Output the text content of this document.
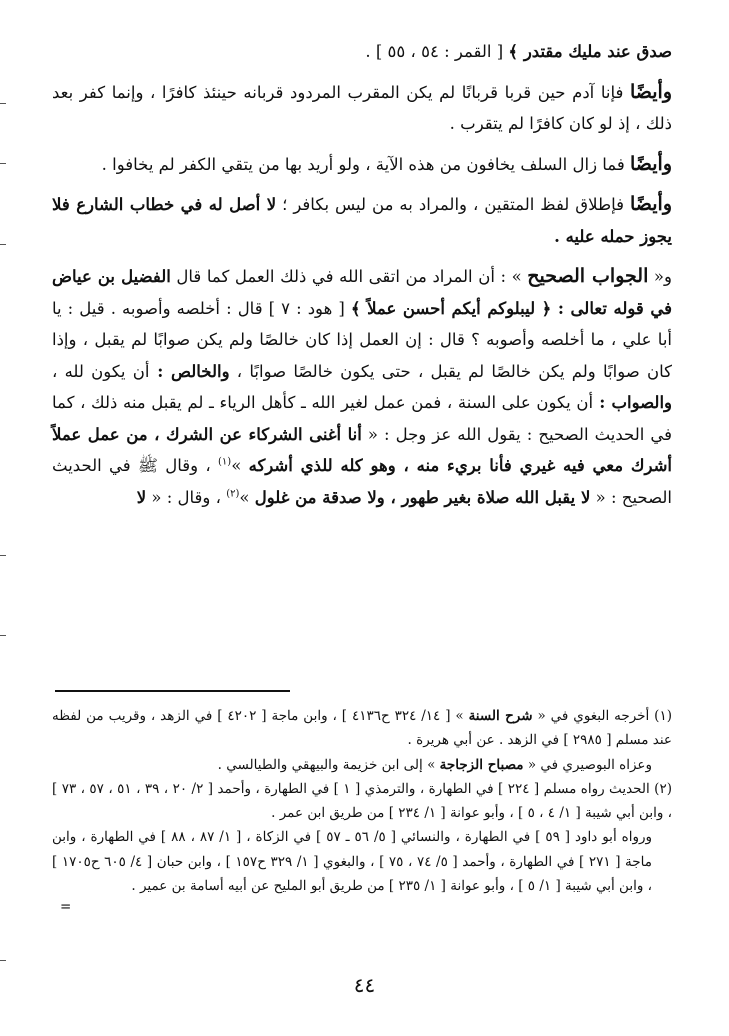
صدق عند مليك مقتدر ﴾ [ القمر : ٥٤ ، ٥٥ ] .

وأيضًا فإنا آدم حين قربا قربانًا لم يكن المقرب المردود قربانه حينئذ كافرًا ، وإنما كفر بعد ذلك ، إذ لو كان كافرًا لم يتقرب .

وأيضًا فما زال السلف يخافون من هذه الآية ، ولو أريد بها من يتقي الكفر لم يخافوا .

وأيضًا فإطلاق لفظ المتقين ، والمراد به من ليس بكافر ؛ لا أصل له في خطاب الشارع فلا يجوز حمله عليه .

و« الجواب الصحيح » : أن المراد من اتقى الله في ذلك العمل كما قال الفضيل بن عياض في قوله تعالى : ﴿ ليبلوكم أيكم أحسن عملاً ﴾ [ هود : ٧ ] قال : أخلصه وأصوبه . قيل : يا أبا علي ، ما أخلصه وأصوبه ؟ قال : إن العمل إذا كان خالصًا ولم يكن صوابًا لم يقبل ، وإذا كان صوابًا ولم يكن خالصًا لم يقبل ، حتى يكون خالصًا صوابًا ، والخالص : أن يكون لله ، والصواب : أن يكون على السنة ، فمن عمل لغير الله ـ كأهل الرياء ـ لم يقبل منه ذلك ، كما في الحديث الصحيح : يقول الله عز وجل : « أنا أغنى الشركاء عن الشرك ، من عمل عملاً أشرك معي فيه غيري فأنا بريء منه ، وهو كله للذي أشركه »$^{(١)}$ ، وقال ﷺ في الحديث الصحيح : « لا يقبل الله صلاة بغير طهور ، ولا صدقة من غلول »$^{(٢)}$ ، وقال : « لا

(١) أخرجه البغوي في « شرح السنة » [ ١٤/ ٣٢٤ ح٤١٣٦ ] ، وابن ماجة [ ٤٢٠٢ ] في الزهد ، وقريب من لفظه عند مسلم [ ٢٩٨٥ ] في الزهد . عن أبي هريرة .

وعزاه البوصيري في « مصباح الزجاجة » إلى ابن خزيمة والبيهقي والطيالسي .

(٢) الحديث رواه مسلم [ ٢٢٤ ] في الطهارة ، والترمذي [ ١ ] في الطهارة ، وأحمد [ ٢/ ٢٠ ، ٣٩ ، ٥١ ، ٥٧ ، ٧٣ ] ، وابن أبي شيبة [ ١/ ٤ ، ٥ ] ، وأبو عوانة [ ١/ ٢٣٤ ] من طريق ابن عمر .

ورواه أبو داود [ ٥٩ ] في الطهارة ، والنسائي [ ٥/ ٥٦ ـ ٥٧ ] في الزكاة ، [ ١/ ٨٧ ، ٨٨ ] في الطهارة ، وابن ماجة [ ٢٧١ ] في الطهارة ، وأحمد [ ٥/ ٧٤ ، ٧٥ ] ، والبغوي [ ١/ ٣٢٩ ح١٥٧ ] ، وابن حبان [ ٤/ ٦٠٥ ح١٧٠٥ ] ، وابن أبي شيبة [ ١/ ٥ ] ، وأبو عوانة [ ١/ ٢٣٥ ] من طريق أبو المليح عن أبيه أسامة بن عمير .

=

٤٤
